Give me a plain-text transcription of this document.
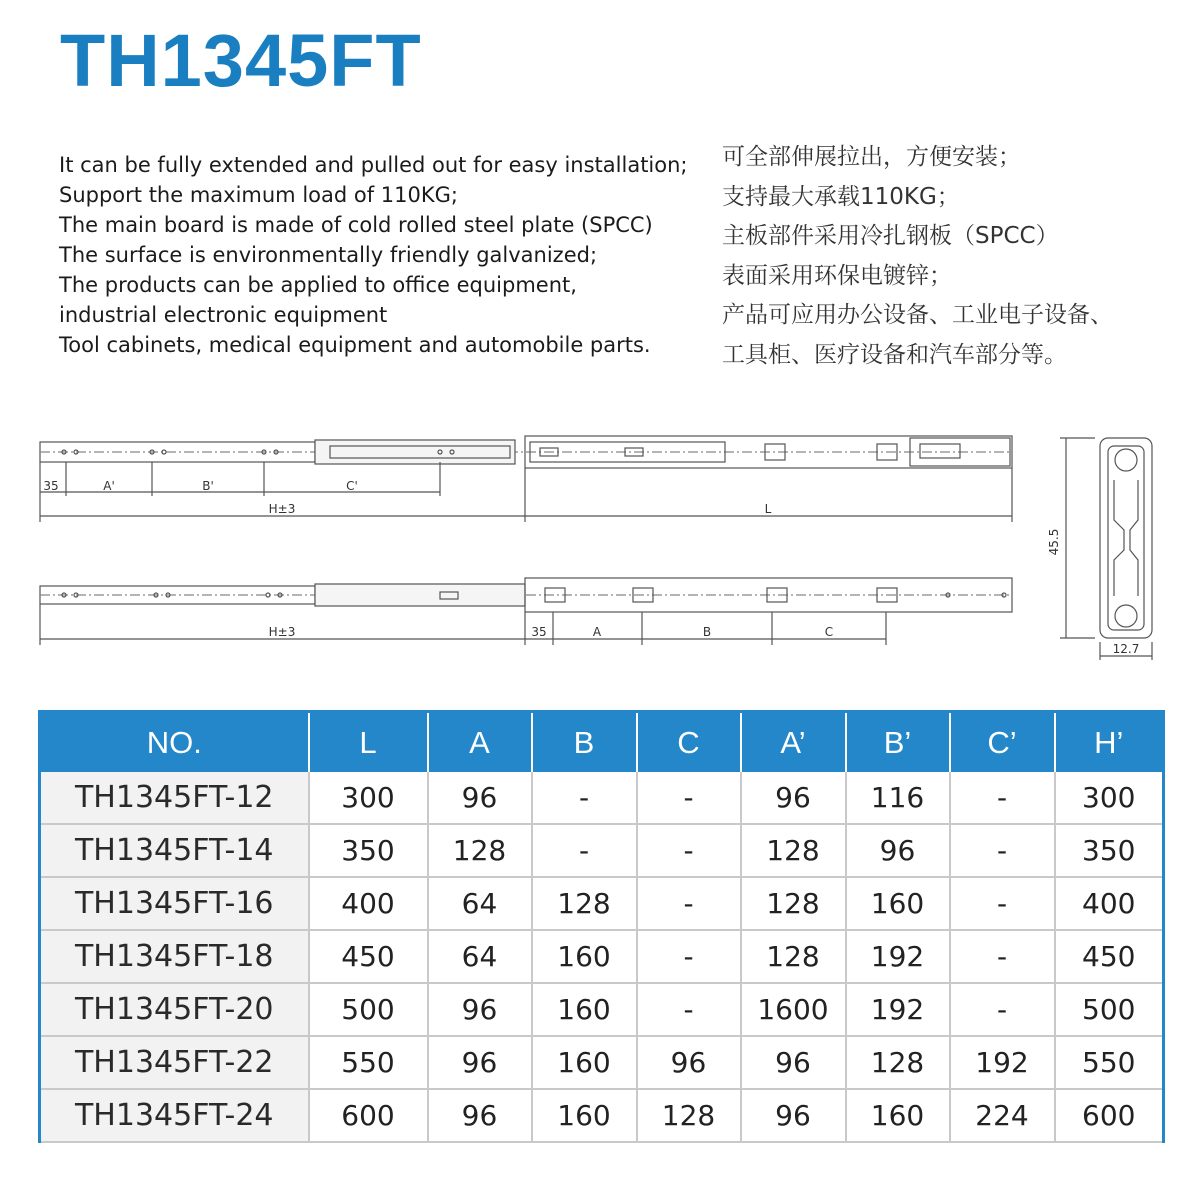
TH1345FT
It can be fully extended and pulled out for easy installation;
Support the maximum load of 110KG;
The main board is made of cold rolled steel plate (SPCC)
The surface is environmentally friendly galvanized;
The products can be applied to office equipment,
industrial electronic equipment
Tool cabinets, medical equipment and automobile parts.
可全部伸展拉出，方便安装；
支持最大承载110KG；
主板部件采用冷扎钢板（SPCC）
表面采用环保电镀锌；
产品可应用办公设备、工业电子设备、
工具柜、医疗设备和汽车部分等。
35	A'	B'	C'
H±3	L
H±3	35	A	B	C
45.5
12.7
NO.	L	A	B	C	A’	B’	C’	H’
TH1345FT-12	300	96	-	-	96	116	-	300
TH1345FT-14	350	128	-	-	128	96	-	350
TH1345FT-16	400	64	128	-	128	160	-	400
TH1345FT-18	450	64	160	-	128	192	-	450
TH1345FT-20	500	96	160	-	1600	192	-	500
TH1345FT-22	550	96	160	96	96	128	192	550
TH1345FT-24	600	96	160	128	96	160	224	600
